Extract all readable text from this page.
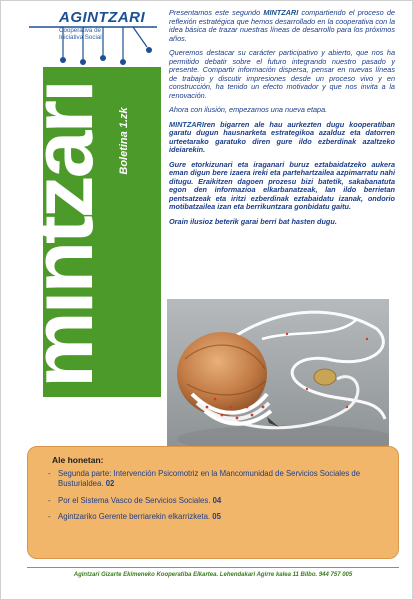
AGINTZARI
Cooperativa de Iniciativa Social
mintzari Boletina 1.zk

Presentamos este segundo MINTZARI compartiendo el proceso de reflexión estratégica que hemos desarrollado en la cooperativa con la idea básica de trazar nuestras líneas de desarrollo para los próximos años.

Queremos destacar su carácter participativo y abierto, que nos ha permitido debatir sobre el futuro integrando nuestro pasado y presente. Compartir información dispersa, pensar en nuevas líneas de trabajo y discutir impresiones desde un proceso vivo y en construcción, ha tenido un efecto motivador y que nos invita a la renovación.

Ahora con ilusión, empezamos una nueva etapa.

MINTZARIren bigarren ale hau aurkezten dugu kooperatiban garatu dugun hausnarketa estrategikoa azalduz eta datorren urteetarako garatuko diren gure ildo ezberdinak azaltzeko ideiarekin.

Gure etorkizunari eta iraganari buruz eztabaidatzeko aukera eman digun bere izaera ireki eta partehartzailea azpimarratu nahi ditugu. Eraikitzen dagoen prozesu bizi batetik, sakabanatuta egon den informazioa elkarbanatzeak, lan ildo berrietan pentsatzeak eta iritzi ezberdinak eztabaidatu izanak, ondorio motibatzailea izan eta berrikuntzara gonbidatu gaitu.

Orain ilusioz beterik garai berri bat hasten dugu.

Ale honetan:
- Segunda parte: Intervención Psicomotriz en la Mancomunidad de Servicios Sociales de Busturialdea. 02
- Por el Sistema Vasco de Servicios Sociales. 04
- Agintzariko Gerente berriarekin elkarrizketa. 05
Agintzari Gizarte Ekimeneko Kooperatiba Elkartea. Lehendakari Agirre kalea 11 Bilbo. 944 757 005
